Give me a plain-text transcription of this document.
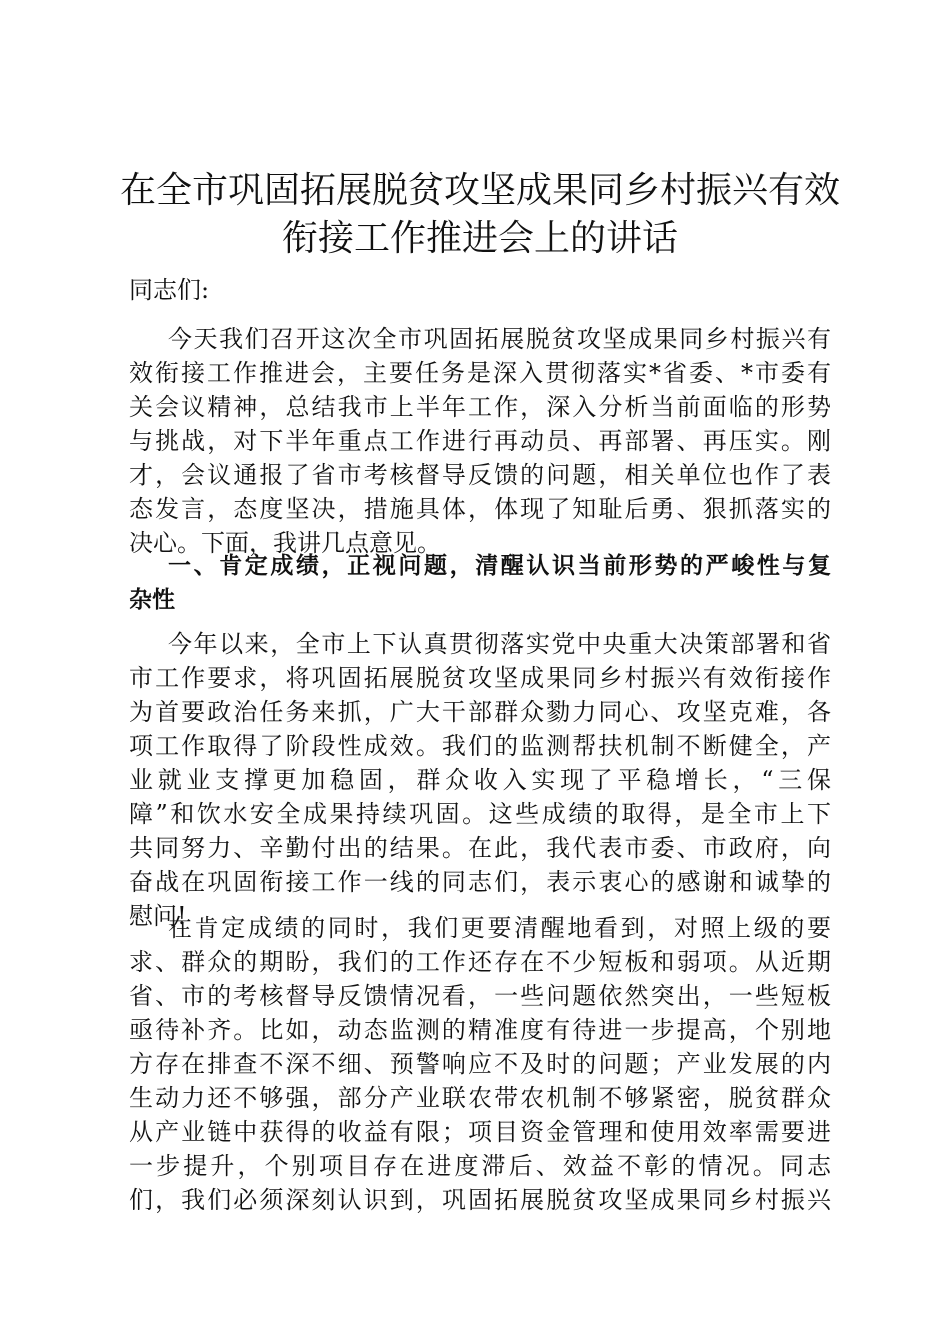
在全市巩固拓展脱贫攻坚成果同乡村振兴有效
衔接工作推进会上的讲话
同志们:
今天我们召开这次全市巩固拓展脱贫攻坚成果同乡村振兴有
效衔接工作推进会，主要任务是深入贯彻落实*省委、*市委有
关会议精神，总结我市上半年工作，深入分析当前面临的形势
与挑战，对下半年重点工作进行再动员、再部署、再压实。刚
才，会议通报了省市考核督导反馈的问题，相关单位也作了表
态发言，态度坚决，措施具体，体现了知耻后勇、狠抓落实的
决心。下面，我讲几点意见。
一、肯定成绩，正视问题，清醒认识当前形势的严峻性与复
杂性
今年以来，全市上下认真贯彻落实党中央重大决策部署和省
市工作要求，将巩固拓展脱贫攻坚成果同乡村振兴有效衔接作
为首要政治任务来抓，广大干部群众勠力同心、攻坚克难，各
项工作取得了阶段性成效。我们的监测帮扶机制不断健全，产
业就业支撑更加稳固，群众收入实现了平稳增长，“三保
障”和饮水安全成果持续巩固。这些成绩的取得，是全市上下
共同努力、辛勤付出的结果。在此，我代表市委、市政府，向
奋战在巩固衔接工作一线的同志们，表示衷心的感谢和诚挚的
慰问!
在肯定成绩的同时，我们更要清醒地看到，对照上级的要
求、群众的期盼，我们的工作还存在不少短板和弱项。从近期
省、市的考核督导反馈情况看，一些问题依然突出，一些短板
亟待补齐。比如，动态监测的精准度有待进一步提高，个别地
方存在排查不深不细、预警响应不及时的问题；产业发展的内
生动力还不够强，部分产业联农带农机制不够紧密，脱贫群众
从产业链中获得的收益有限；项目资金管理和使用效率需要进
一步提升，个别项目存在进度滞后、效益不彰的情况。同志
们，我们必须深刻认识到，巩固拓展脱贫攻坚成果同乡村振兴
